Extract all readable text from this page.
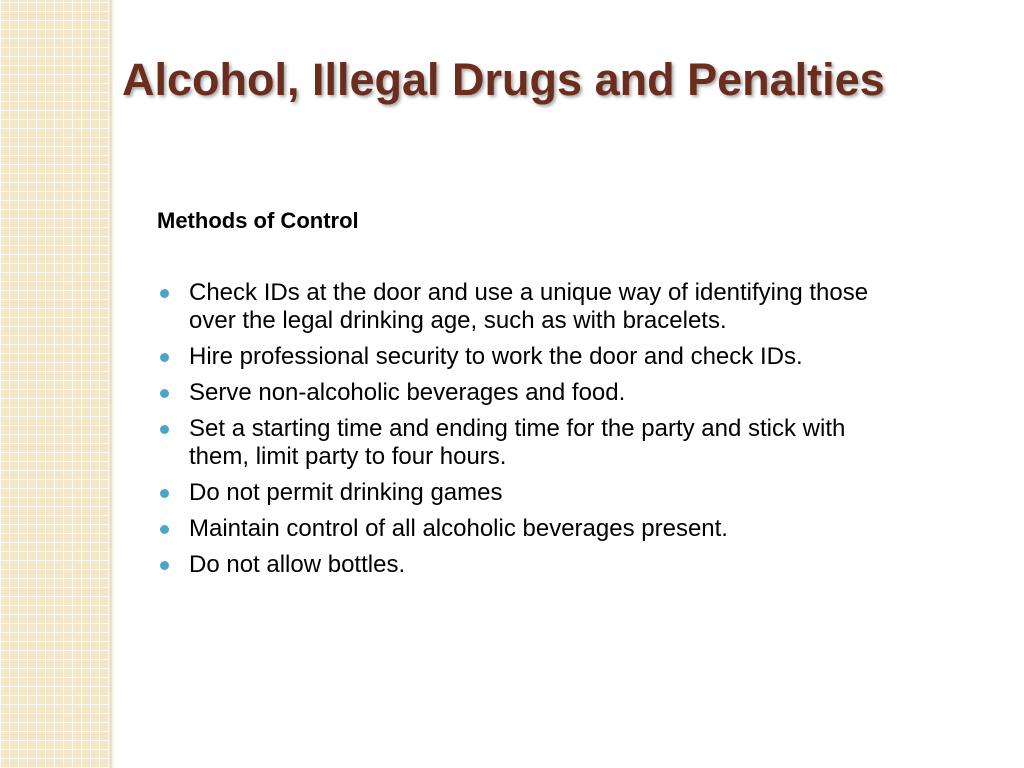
Alcohol, Illegal Drugs and Penalties

Methods of Control

Check IDs at the door and use a unique way of identifying those over the legal drinking age, such as with bracelets.
Hire professional security to work the door and check IDs.
Serve non-alcoholic beverages and food.
Set a starting time and ending time for the party and stick with them, limit party to four hours.
Do not permit drinking games
Maintain control of all alcoholic beverages present.
Do not allow bottles.
